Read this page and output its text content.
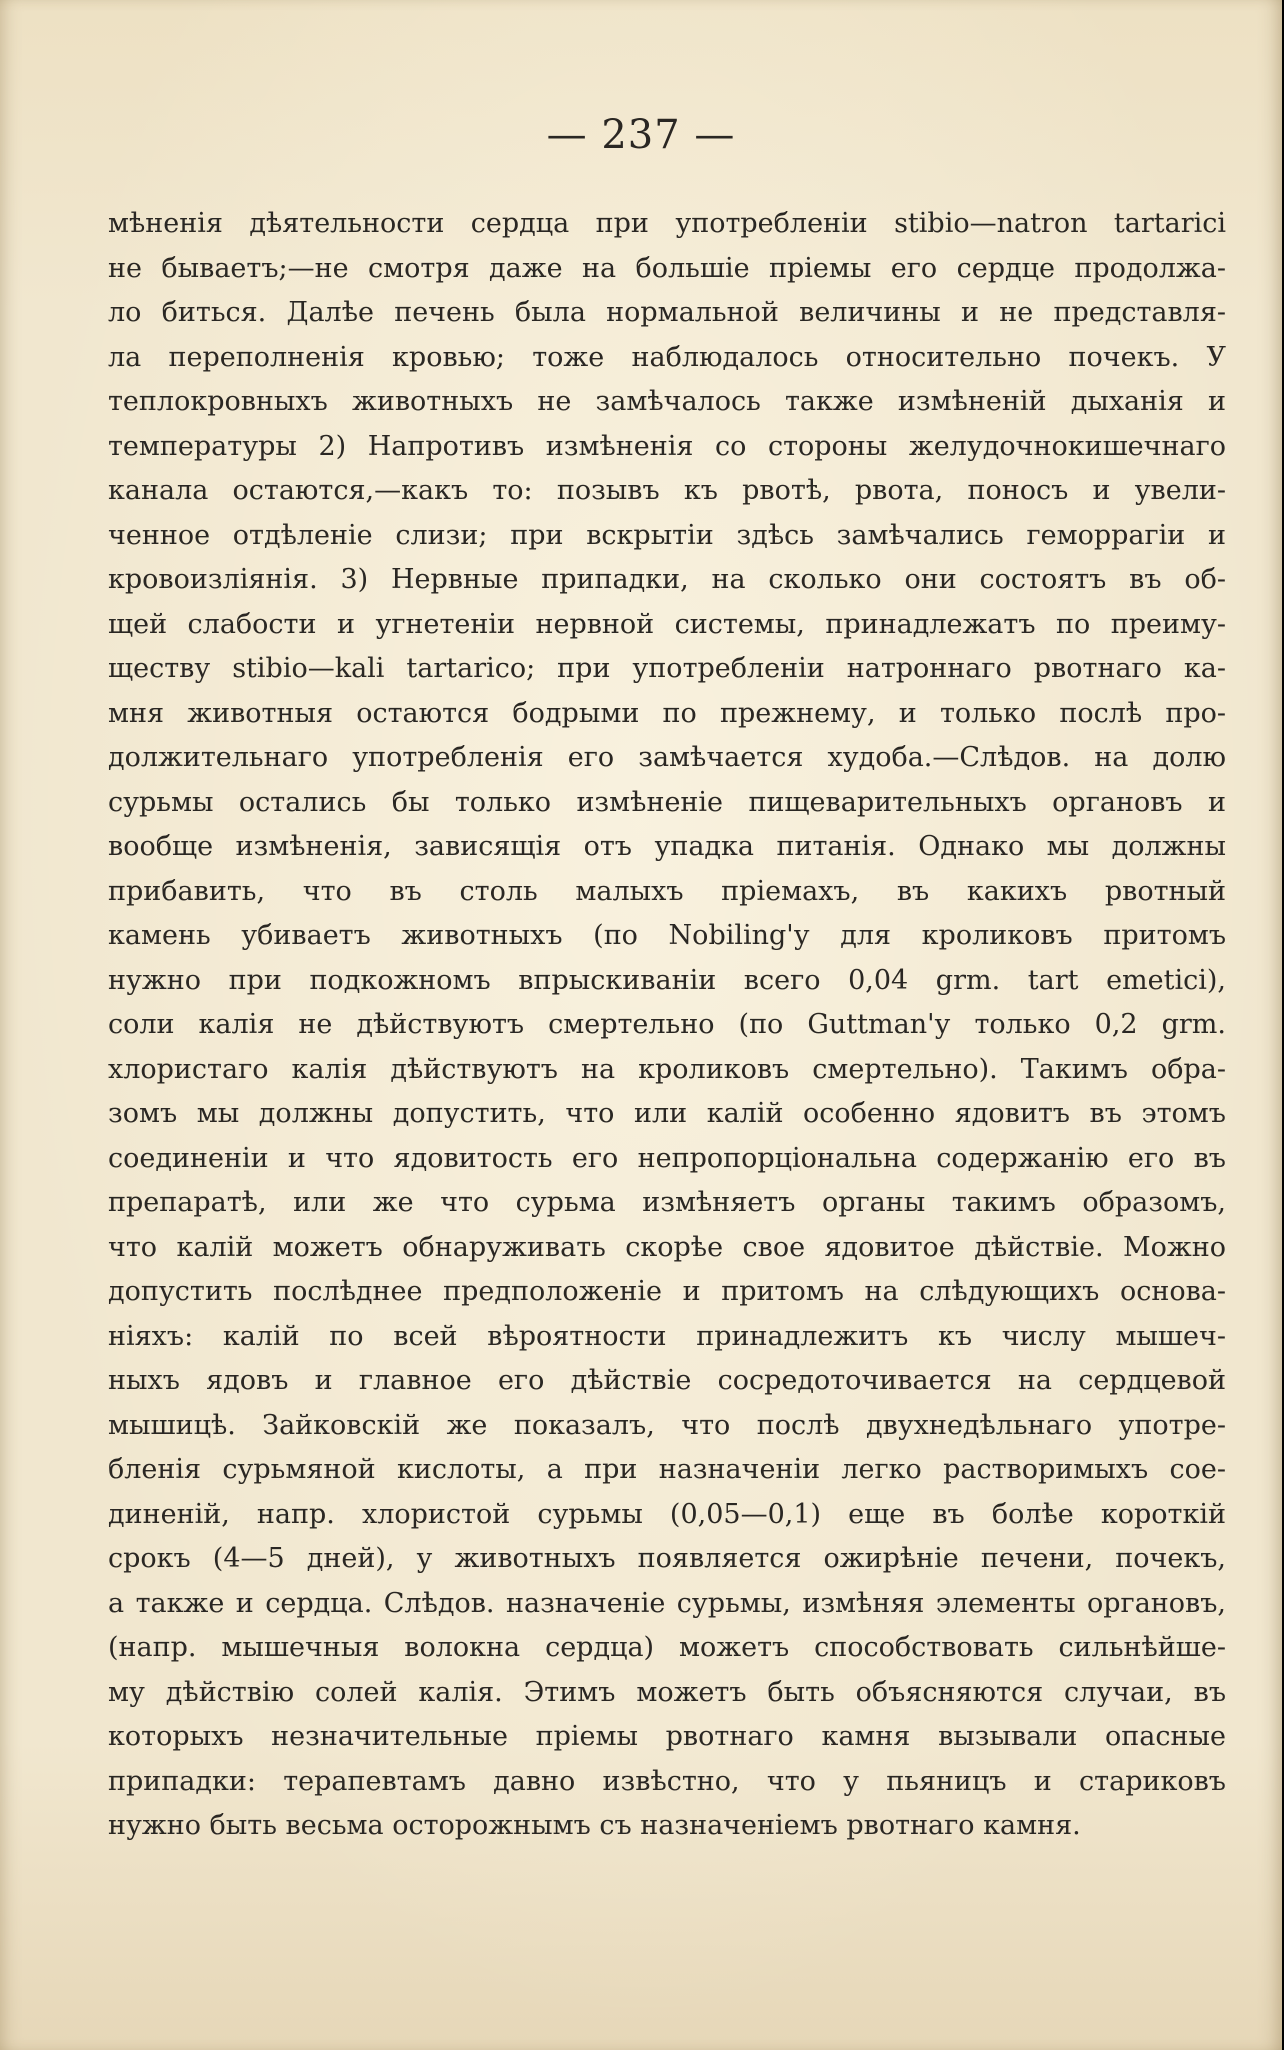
— 237 —
мѣненія дѣятельности сердца при употребленіи stibio—natron tartarici
не бываетъ;—не смотря даже на большіе пріемы его сердце продолжа-
ло биться. Далѣе печень была нормальной величины и не представля-
ла переполненія кровью; тоже наблюдалось относительно почекъ. У
теплокровныхъ животныхъ не замѣчалось также измѣненій дыханія и
температуры 2) Напротивъ измѣненія со стороны желудочнокишечнаго
канала остаются,—какъ то: позывъ къ рвотѣ, рвота, поносъ и увели-
ченное отдѣленіе слизи; при вскрытіи здѣсь замѣчались геморрагіи и
кровоизліянія. 3) Нервные припадки, на сколько они состоятъ въ об-
щей слабости и угнетеніи нервной системы, принадлежатъ по преиму-
ществу stibio—kali tartarico; при употребленіи натроннаго рвотнаго ка-
мня животныя остаются бодрыми по прежнему, и только послѣ про-
должительнаго употребленія его замѣчается худоба.—Слѣдов. на долю
сурьмы остались бы только измѣненіе пищеварительныхъ органовъ и
вообще измѣненія, зависящія отъ упадка питанія. Однако мы должны
прибавить, что въ столь малыхъ пріемахъ, въ какихъ рвотный
камень убиваетъ животныхъ (по Nobiling'у для кроликовъ притомъ
нужно при подкожномъ впрыскиваніи всего 0,04 grm. tart emetici),
соли калія не дѣйствуютъ смертельно (по Guttman'у только 0,2 grm.
хлористаго калія дѣйствуютъ на кроликовъ смертельно). Такимъ обра-
зомъ мы должны допустить, что или калій особенно ядовитъ въ этомъ
соединеніи и что ядовитость его непропорціональна содержанію его въ
препаратѣ, или же что сурьма измѣняетъ органы такимъ образомъ,
что калій можетъ обнаруживать скорѣе свое ядовитое дѣйствіе. Можно
допустить послѣднее предположеніе и притомъ на слѣдующихъ основа-
ніяхъ: калій по всей вѣроятности принадлежитъ къ числу мышеч-
ныхъ ядовъ и главное его дѣйствіе сосредоточивается на сердцевой
мышицѣ. Зайковскій же показалъ, что послѣ двухнедѣльнаго употре-
бленія сурьмяной кислоты, а при назначеніи легко растворимыхъ сое-
диненій, напр. хлористой сурьмы (0,05—0,1) еще въ болѣе короткій
срокъ (4—5 дней), у животныхъ появляется ожирѣніе печени, почекъ,
а также и сердца. Слѣдов. назначеніе сурьмы, измѣняя элементы органовъ,
(напр. мышечныя волокна сердца) можетъ способствовать сильнѣйше-
му дѣйствію солей калія. Этимъ можетъ быть объясняются случаи, въ
которыхъ незначительные пріемы рвотнаго камня вызывали опасные
припадки: терапевтамъ давно извѣстно, что у пьяницъ и стариковъ
нужно быть весьма осторожнымъ съ назначеніемъ рвотнаго камня.
